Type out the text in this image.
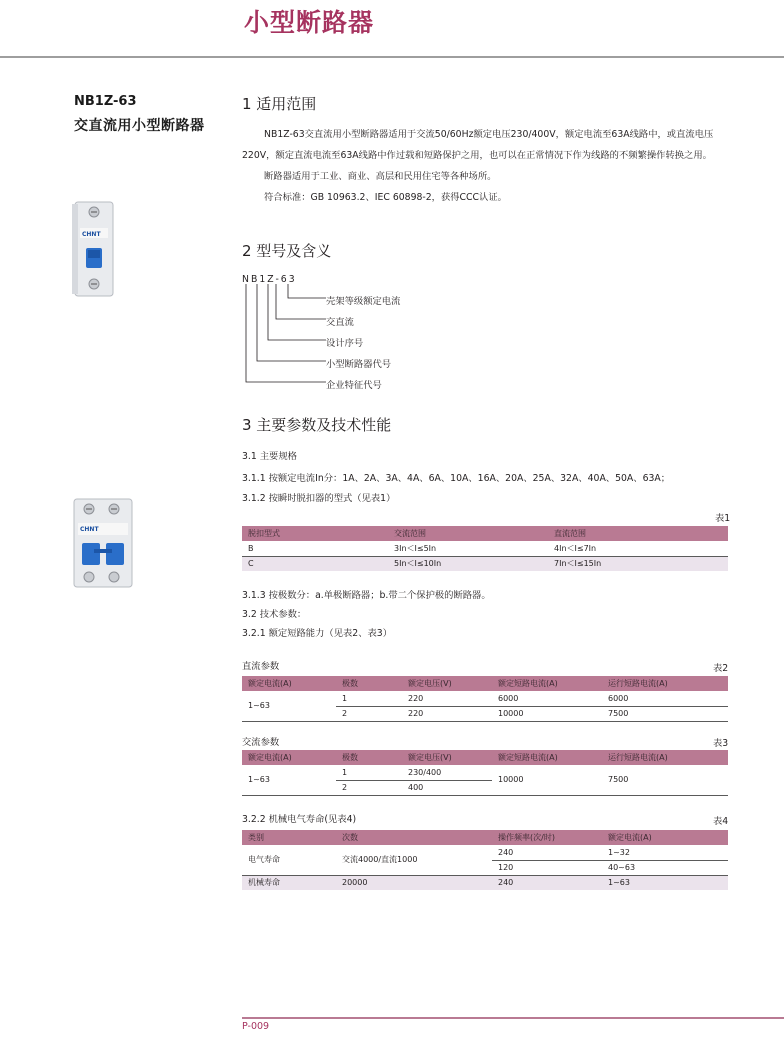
小型断路器
NB1Z-63
交直流用小型断路器
CHNT
CHNT
1 适用范围

NB1Z-63交直流用小型断路器适用于交流50/60Hz额定电压230/400V，额定电流至63A线路中，或直流电压220V，额定直流电流至63A线路中作过载和短路保护之用，也可以在正常情况下作为线路的不频繁操作转换之用。

断路器适用于工业、商业、高层和民用住宅等各种场所。

符合标准：GB 10963.2、IEC 60898-2，获得CCC认证。

2 型号及含义
NB1Z-63
壳架等级额定电流
交直流
设计序号
小型断路器代号
企业特征代号
3 主要参数及技术性能
3.1 主要规格
3.1.1 按额定电流In分：1A、2A、3A、4A、6A、10A、16A、20A、25A、32A、40A、50A、63A；
3.1.2 按瞬时脱扣器的型式（见表1）
表1
脱扣型式	交流范围	直流范围
B	3In＜I≤5In	4In＜I≤7In
C	5In＜I≤10In	7In＜I≤15In
3.1.3 按极数分：a.单极断路器；b.带二个保护极的断路器。
3.2 技术参数：
3.2.1 额定短路能力（见表2、表3）
直流参数	表2
额定电流(A)	极数	额定电压(V)	额定短路电流(A)	运行短路电流(A)
1~63	1	220	6000	6000
	2	220	10000	7500
交流参数	表3
额定电流(A)	极数	额定电压(V)	额定短路电流(A)	运行短路电流(A)
1~63	1	230/400	10000	7500
	2	400		
3.2.2 机械电气寿命(见表4)	表4
类别	次数	操作频率(次/时)	额定电流(A)
电气寿命	交流4000/直流1000	240	1~32
		120	40~63
机械寿命	20000	240	1~63
P-009
